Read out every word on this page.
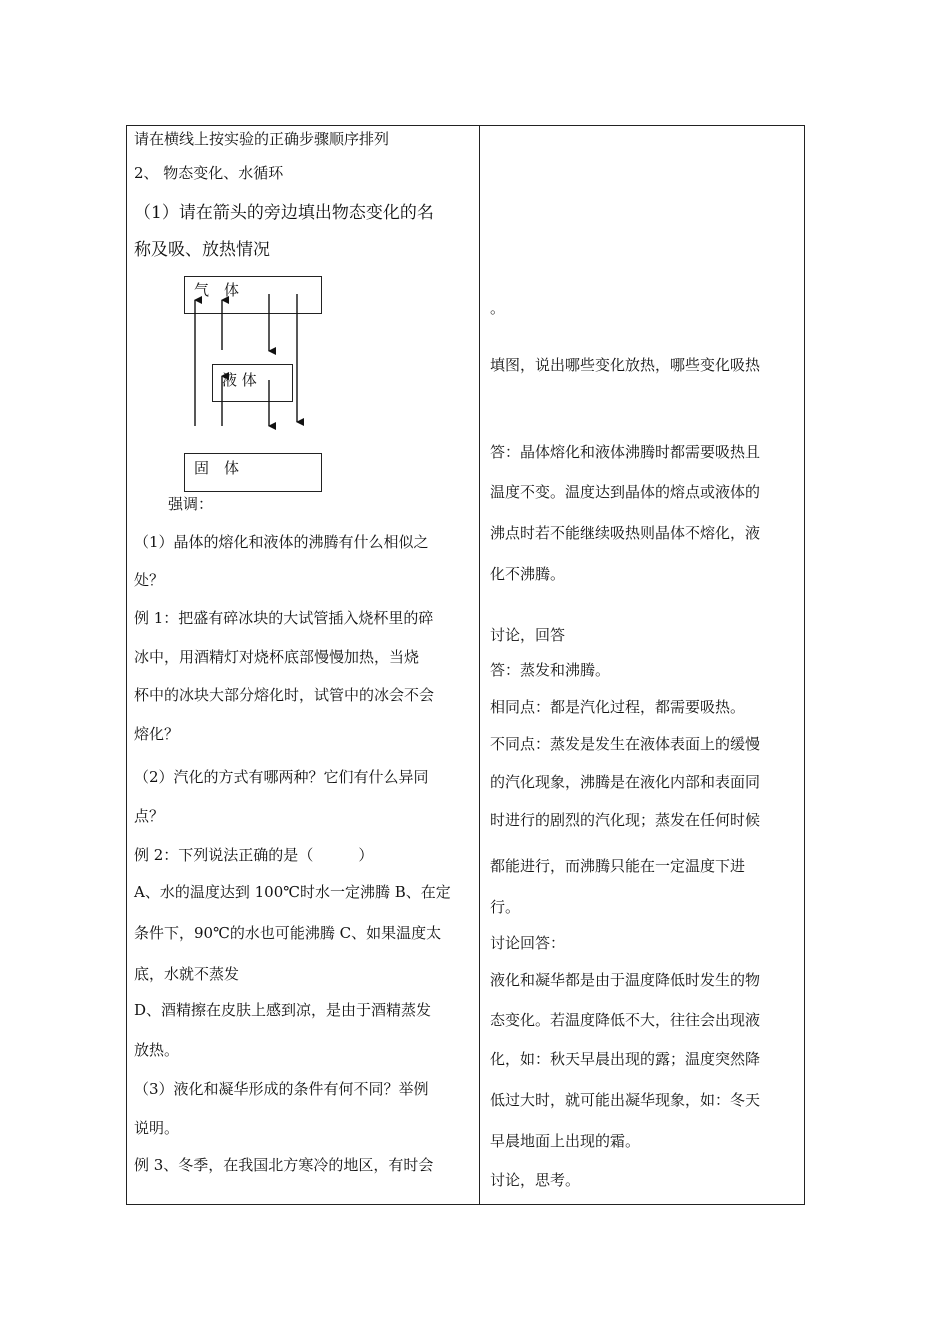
请在横线上按实验的正确步骤顺序排列
2、 物态变化、水循环
（1）请在箭头的旁边填出物态变化的名
称及吸、放热情况
气　体
液 体
固　体
强调：
（1）晶体的熔化和液体的沸腾有什么相似之
处？
例 1：把盛有碎冰块的大试管插入烧杯里的碎
冰中，用酒精灯对烧杯底部慢慢加热，当烧
杯中的冰块大部分熔化时，试管中的冰会不会
熔化？
（2）汽化的方式有哪两种？它们有什么异同
点？
例 2：下列说法正确的是（　　　）
A、水的温度达到 100℃时水一定沸腾 B、在定
条件下，90℃的水也可能沸腾 C、如果温度太
底，水就不蒸发
D、酒精擦在皮肤上感到凉，是由于酒精蒸发
放热。
（3）液化和凝华形成的条件有何不同？举例
说明。
例 3、冬季，在我国北方寒冷的地区，有时会
。
填图，说出哪些变化放热，哪些变化吸热
答：晶体熔化和液体沸腾时都需要吸热且
温度不变。温度达到晶体的熔点或液体的
沸点时若不能继续吸热则晶体不熔化，液
化不沸腾。
讨论，回答
答：蒸发和沸腾。
相同点：都是汽化过程，都需要吸热。
不同点：蒸发是发生在液体表面上的缓慢
的汽化现象，沸腾是在液化内部和表面同
时进行的剧烈的汽化现；蒸发在任何时候
都能进行，而沸腾只能在一定温度下进
行。
讨论回答：
液化和凝华都是由于温度降低时发生的物
态变化。若温度降低不大，往往会出现液
化，如：秋天早晨出现的露；温度突然降
低过大时，就可能出凝华现象，如：冬天
早晨地面上出现的霜。
讨论，思考。
